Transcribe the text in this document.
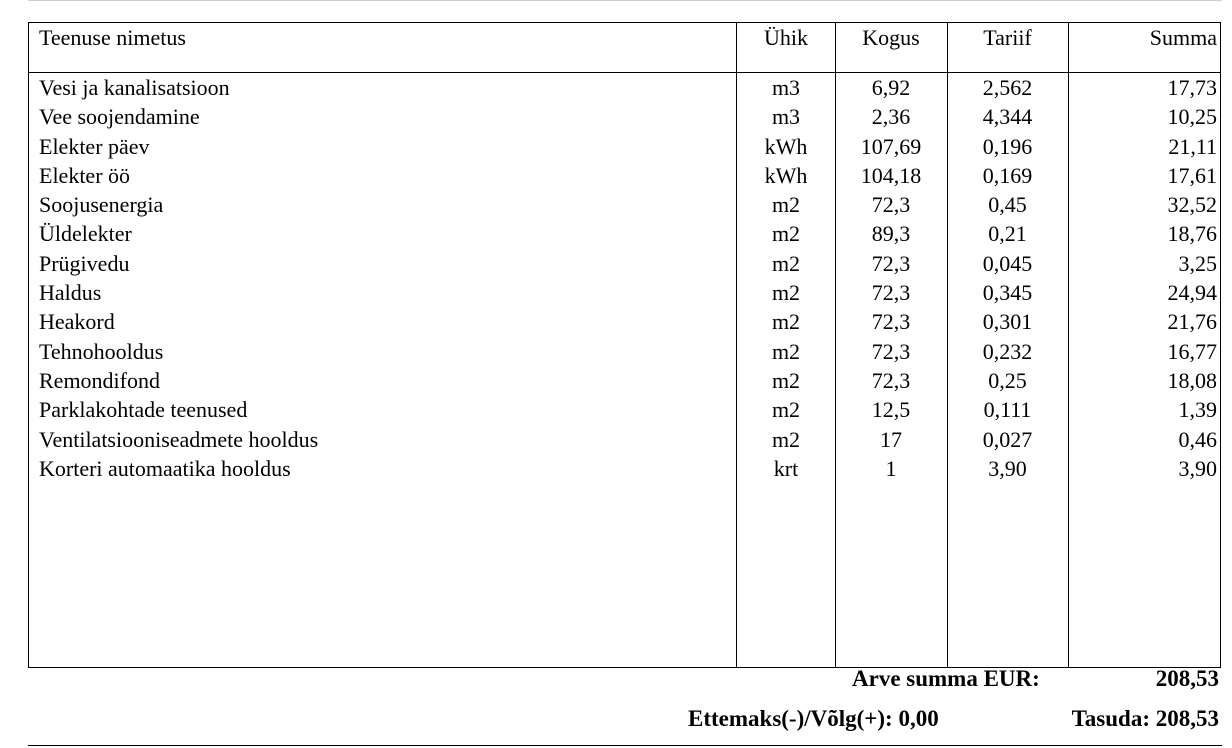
Teenuse nimetus	Ühik	Kogus	Tariif	Summa
Vesi ja kanalisatsioon	m3	6,92	2,562	17,73
Vee soojendamine	m3	2,36	4,344	10,25
Elekter päev	kWh	107,69	0,196	21,11
Elekter öö	kWh	104,18	0,169	17,61
Soojusenergia	m2	72,3	0,45	32,52
Üldelekter	m2	89,3	0,21	18,76
Prügivedu	m2	72,3	0,045	3,25
Haldus	m2	72,3	0,345	24,94
Heakord	m2	72,3	0,301	21,76
Tehnohooldus	m2	72,3	0,232	16,77
Remondifond	m2	72,3	0,25	18,08
Parklakohtade teenused	m2	12,5	0,111	1,39
Ventilatsiooniseadmete hooldus	m2	17	0,027	0,46
Korteri automaatika hooldus	krt	1	3,90	3,90
Arve summa EUR:	208,53
Ettemaks(-)/Võlg(+): 0,00	Tasuda: 208,53
